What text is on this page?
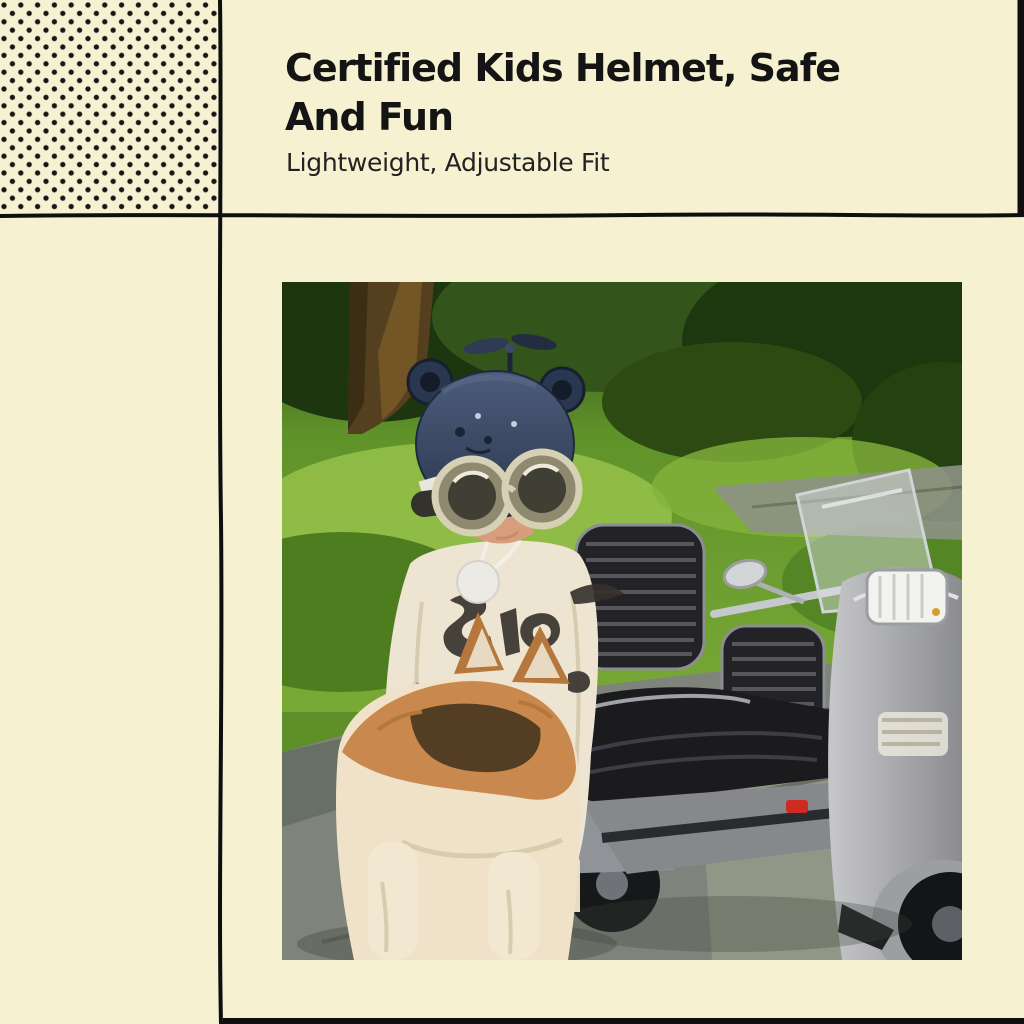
Certified Kids Helmet, Safe
And Fun
Lightweight, Adjustable Fit
